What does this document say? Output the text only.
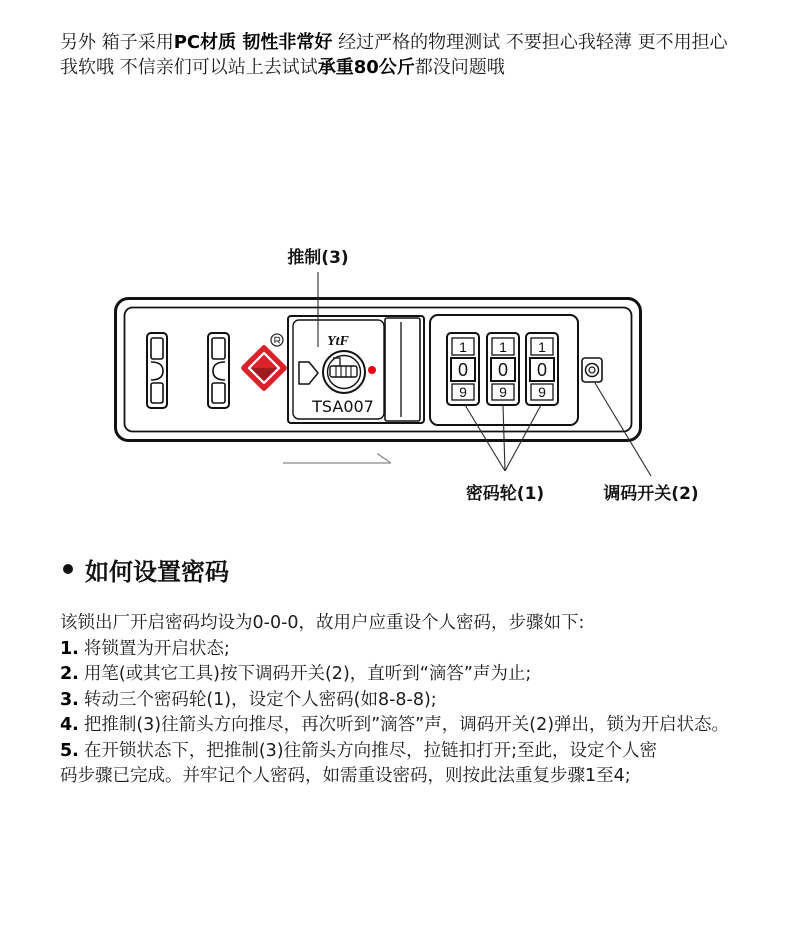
另外 箱子采用PC材质 韧性非常好 经过严格的物理测试 不要担心我轻薄 更不用担心
我软哦 不信亲们可以站上去试试承重80公斤都没问题哦
YtF
TSA007
1
0
9
1
0
9
1
0
9
推制(3)
密码轮(1)	调码开关(2)
如何设置密码
该锁出厂开启密码均设为0-0-0，故用户应重设个人密码，步骤如下:
1. 将锁置为开启状态;
2. 用笔(或其它工具)按下调码开关(2)，直听到“滴答”声为止;
3. 转动三个密码轮(1)，设定个人密码(如8-8-8);
4. 把推制(3)往箭头方向推尽，再次听到”滴答”声，调码开关(2)弹出，锁为开启状态。
5. 在开锁状态下，把推制(3)往箭头方向推尽，拉链扣打开;至此，设定个人密
码步骤已完成。并牢记个人密码，如需重设密码，则按此法重复步骤1至4;
